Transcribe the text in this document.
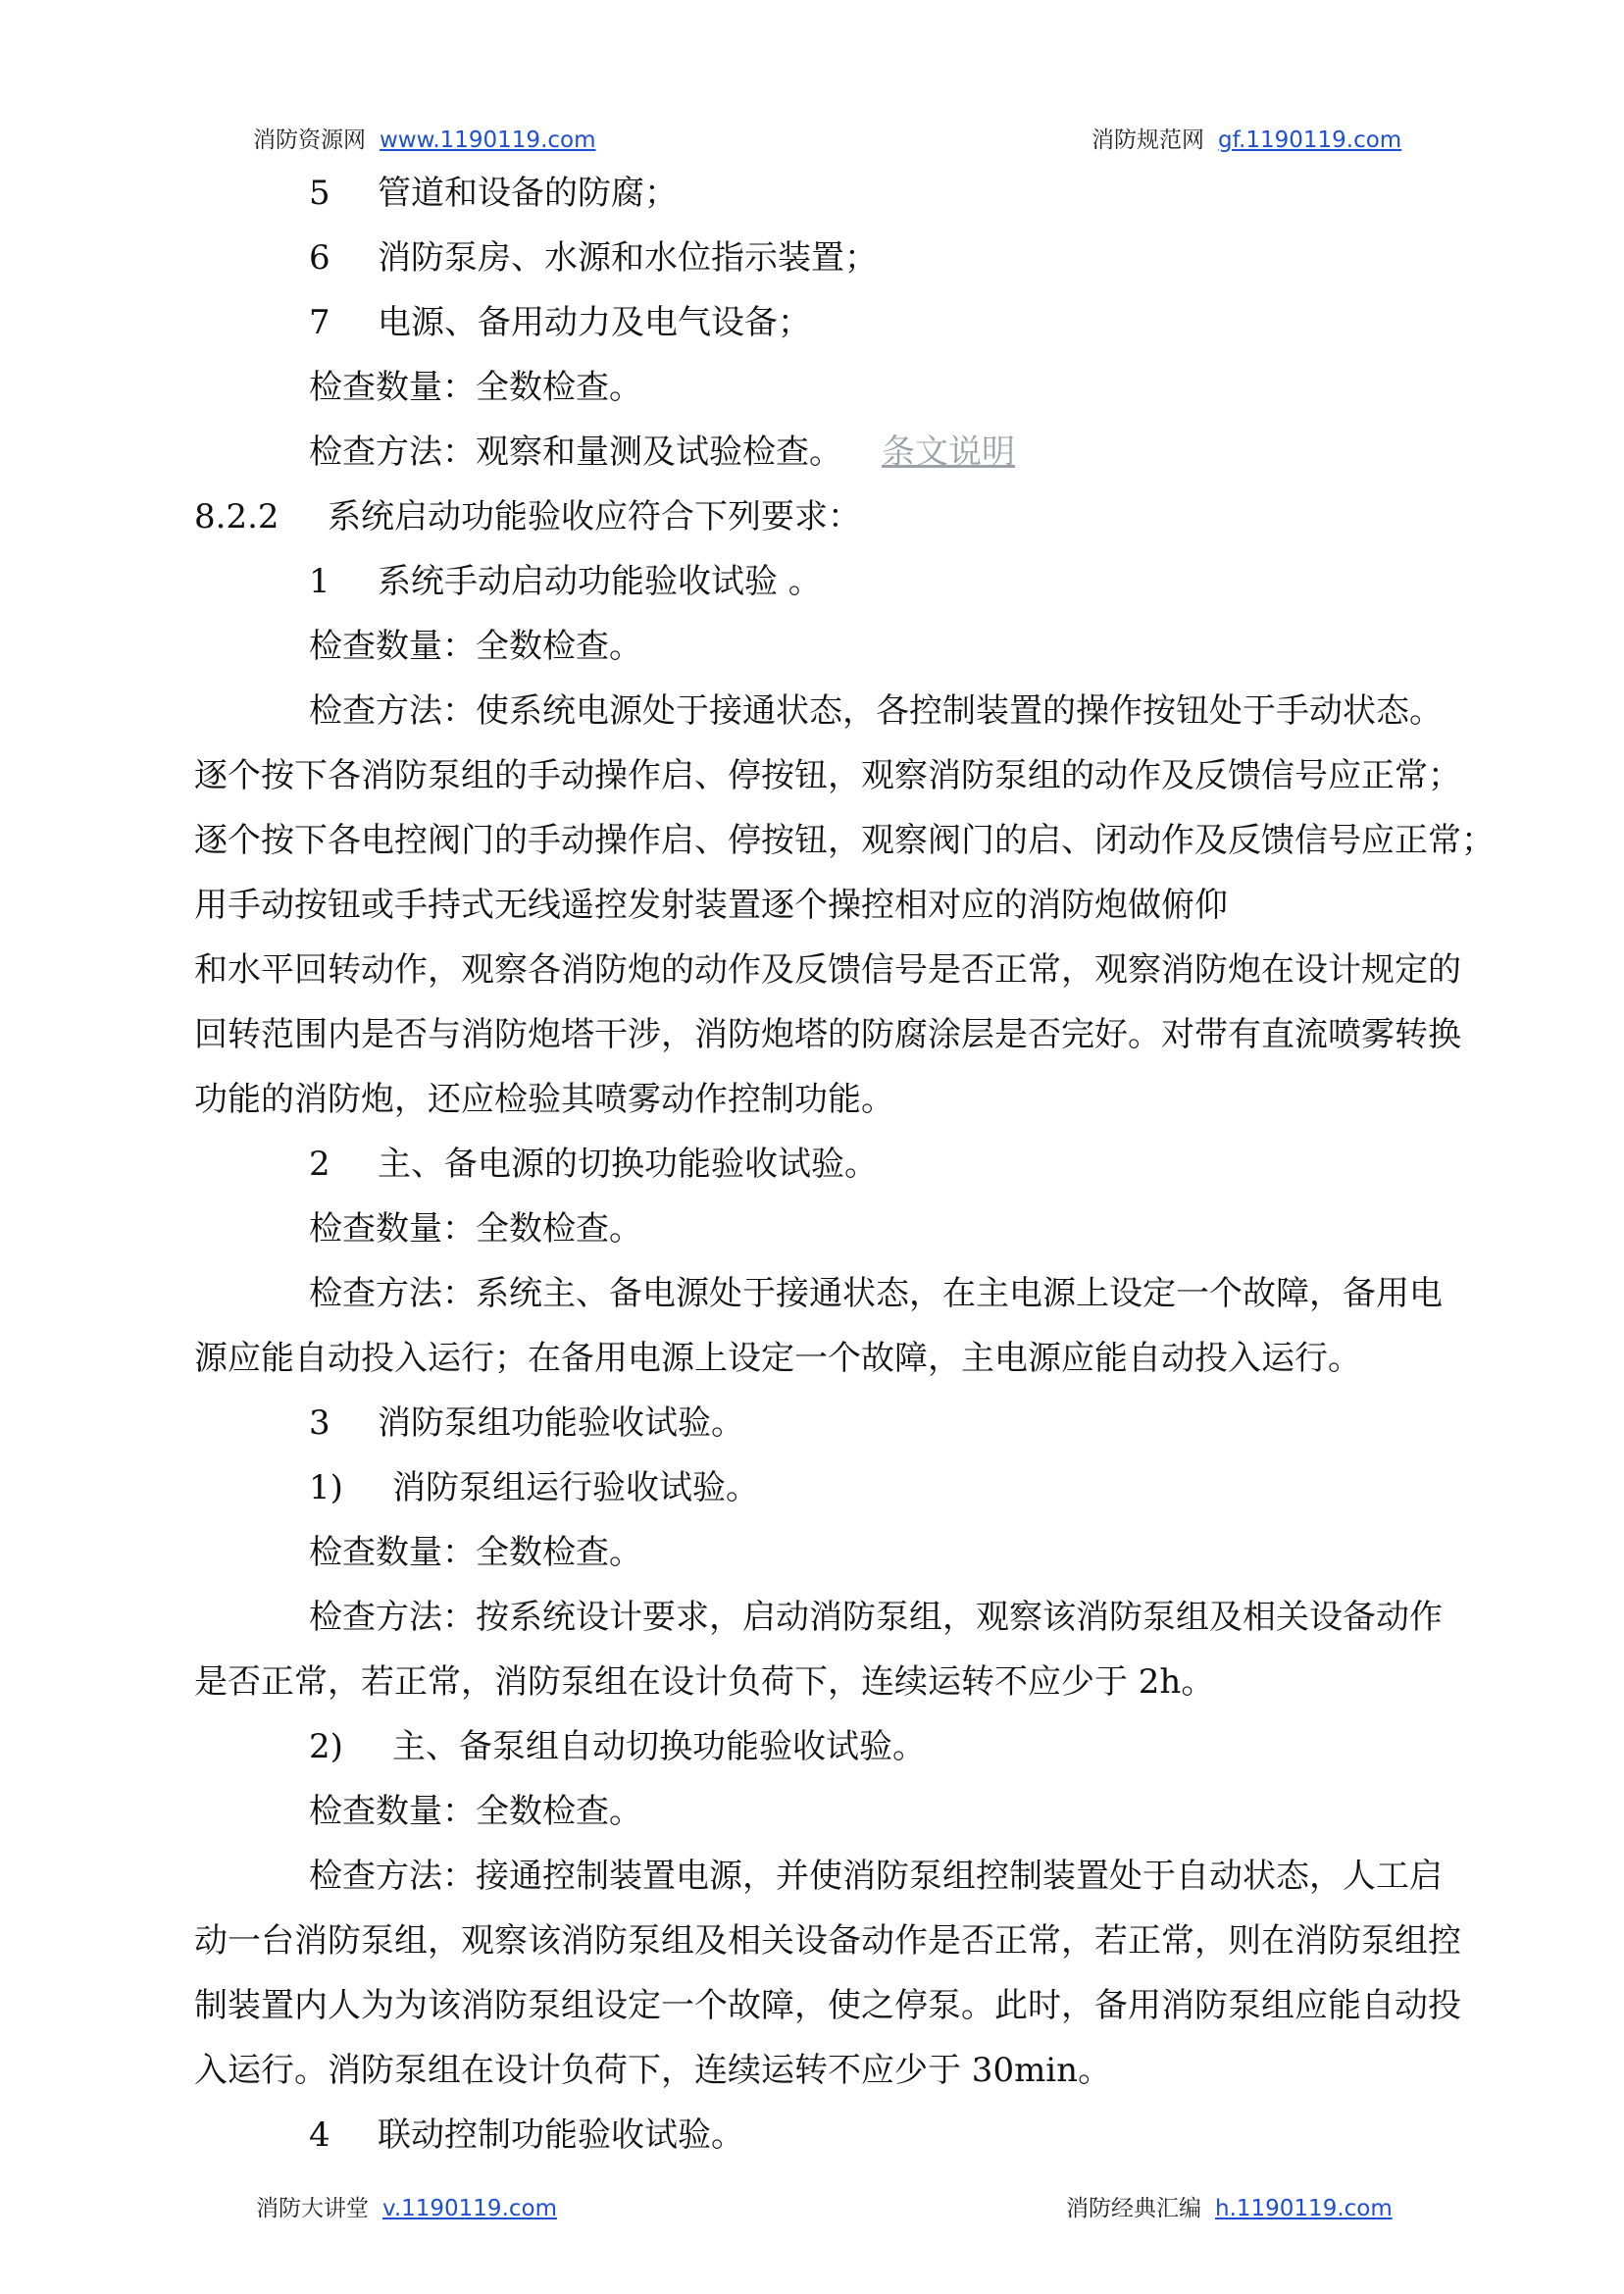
消防资源网 www.1190119.com	消防规范网 gf.1190119.com
5 管道和设备的防腐；
6 消防泵房、水源和水位指示装置；
7 电源、备用动力及电气设备；
检查数量：全数检查。
检查方法：观察和量测及试验检查。 条文说明
8.2.2 系统启动功能验收应符合下列要求：
1 系统手动启动功能验收试验 。
检查数量：全数检查。
检查方法：使系统电源处于接通状态，各控制装置的操作按钮处于手动状态。
逐个按下各消防泵组的手动操作启、停按钮，观察消防泵组的动作及反馈信号应正常；
逐个按下各电控阀门的手动操作启、停按钮，观察阀门的启、闭动作及反馈信号应正常；
用手动按钮或手持式无线遥控发射装置逐个操控相对应的消防炮做俯仰
和水平回转动作，观察各消防炮的动作及反馈信号是否正常，观察消防炮在设计规定的
回转范围内是否与消防炮塔干涉，消防炮塔的防腐涂层是否完好。对带有直流喷雾转换
功能的消防炮，还应检验其喷雾动作控制功能。
2 主、备电源的切换功能验收试验。
检查数量：全数检查。
检查方法：系统主、备电源处于接通状态，在主电源上设定一个故障，备用电
源应能自动投入运行；在备用电源上设定一个故障，主电源应能自动投入运行。
3 消防泵组功能验收试验。
1) 消防泵组运行验收试验。
检查数量：全数检查。
检查方法：按系统设计要求，启动消防泵组，观察该消防泵组及相关设备动作
是否正常，若正常，消防泵组在设计负荷下，连续运转不应少于 2h。
2) 主、备泵组自动切换功能验收试验。
检查数量：全数检查。
检查方法：接通控制装置电源，并使消防泵组控制装置处于自动状态，人工启
动一台消防泵组，观察该消防泵组及相关设备动作是否正常，若正常，则在消防泵组控
制装置内人为为该消防泵组设定一个故障，使之停泵。此时，备用消防泵组应能自动投
入运行。消防泵组在设计负荷下，连续运转不应少于 30min。
4 联动控制功能验收试验。
消防大讲堂 v.1190119.com	消防经典汇编 h.1190119.com
